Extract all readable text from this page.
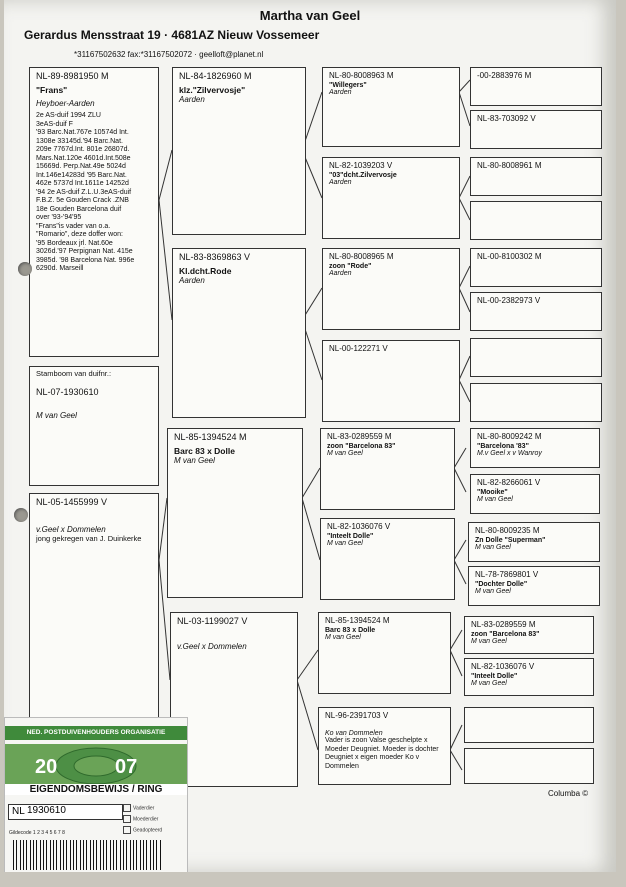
Martha van Geel
Gerardus Mensstraat 19 · 4681AZ Nieuw Vossemeer
*31167502632 fax:*31167502072 · geelloft@planet.nl
NL-89-8981950 M
"Frans"
Heyboer-Aarden
2e AS-duif 1994 ZLU
3eAS-duif F
'93 Barc.Nat.767e 10574d Int.
1308e 33145d.'94 Barc.Nat.
209e 7767d.Int. 801e 26807d.
Mars.Nat.120e 4601d.Int.508e
15669d. Perp.Nat.49e 5024d
Int.146e14283d '95 Barc.Nat.
462e 5737d Int.1611e 14252d
'94 2e AS-duif Z.L.U.3eAS-duif
F.B.Z. 5e Gouden Crack .ZNB
18e Gouden Barcelona duif
over '93-'94'95
"Frans"is vader van o.a.
"Romario", deze doffer won:
'95 Bordeaux jrl. Nat.60e
3026d.'97 Perpignan Nat. 415e
3985d. '98 Barcelona Nat. 996e
6290d. Marseill
Stamboom van duifnr.:
NL-07-1930610
M van Geel
NL-05-1455999 V
v.Geel x Dommelen
jong gekregen van J. Duinkerke
NL-84-1826960 M
klz."Zilvervosje"
Aarden
NL-83-8369863 V
Kl.dcht.Rode
Aarden
NL-85-1394524 M
Barc 83 x Dolle
M van Geel
NL-03-1199027 V
v.Geel x Dommelen
NL-80-8008963 M
"Willegers"
Aarden
NL-82-1039203 V
"03"dcht.Zilvervosje
Aarden
NL-80-8008965 M
zoon "Rode"
Aarden
NL-00-122271 V
NL-83-0289559 M
zoon "Barcelona 83"
M van Geel
NL-82-1036076 V
"Inteelt Dolle"
M van Geel
NL-85-1394524 M
Barc 83 x Dolle
M van Geel
NL-96-2391703 V
Ko van Dommelen
Vader is zoon Valse geschelpte x Moeder Deugniet. Moeder is dochter Deugniet x eigen moeder Ko v Dommelen
-00-2883976 M
NL-83-703092 V
NL-80-8008961 M
NL-00-8100302 M
NL-00-2382973 V
NL-80-8009242 M
"Barcelona '83"
M.v Geel x v Wanroy
NL-82-8266061 V
"Mooike"
M van Geel
NL-80-8009235 M
Zn Dolle "Superman"
M van Geel
NL-78-7869801 V
"Dochter Dolle"
M van Geel
NL-83-0289559 M
zoon "Barcelona 83"
M van Geel
NL-82-1036076 V
"Inteelt Dolle"
M van Geel
Columba ©
NED. POSTDUIVENHOUDERS ORGANISATIE
20	07
EIGENDOMSBEWIJS / RING
NL 1930610	Vaderdier
Moederdier
Geadopteerd
Gildecode 1 2 3 4 5 6 7 8
